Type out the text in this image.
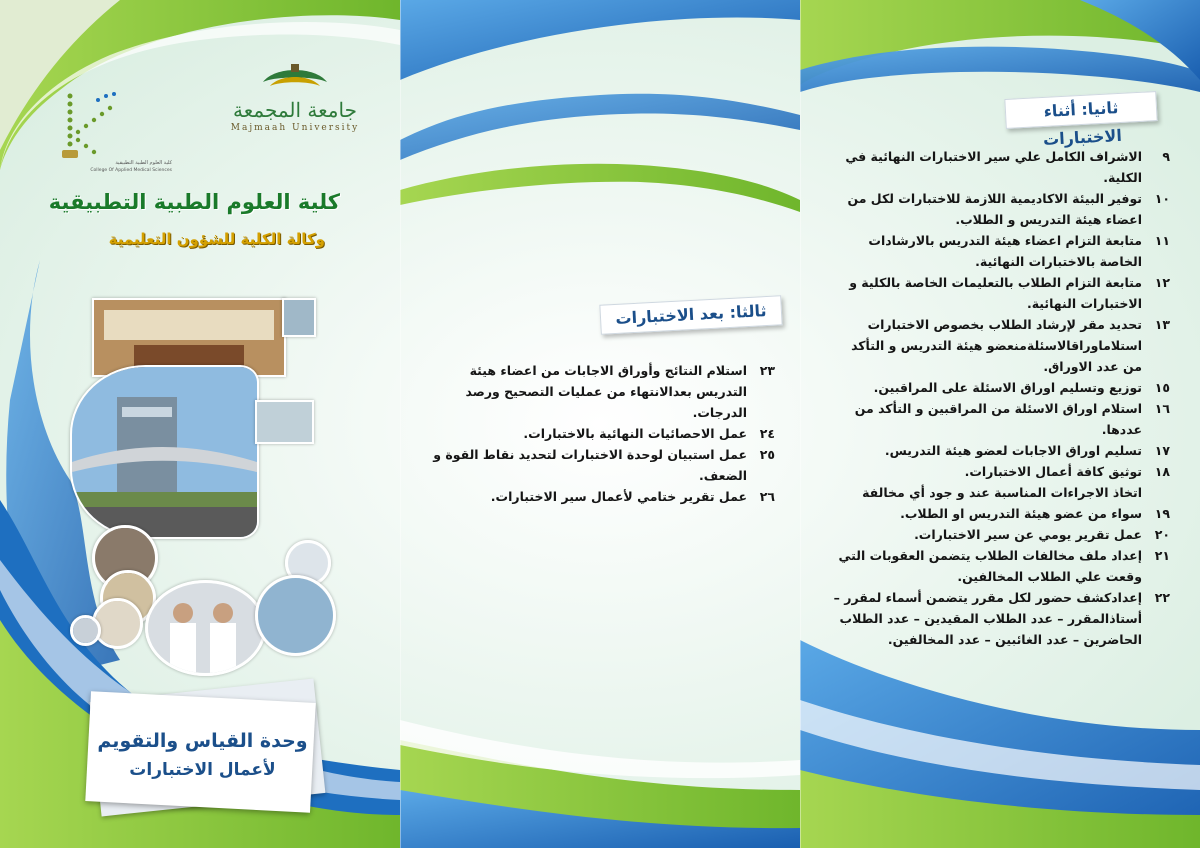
جامعة المجمعة
Majmaah University
كلية العلوم الطبية التطبيقية
College Of Applied Medical Sciences
كلية العلوم الطبية التطبيقية
وكالة الكلية للشؤون التعليمية
وحدة القياس والتقويم
لأعمال الاختبارات
ثالثا: بعد الاختبارات
٢٣
استلام النتائج وأوراق الاجابات من اعضاء هيئة التدريس بعدالانتهاء من عمليات التصحيح ورصد الدرجات.
٢٤
عمل الاحصائيات النهائية بالاختبارات.
٢٥
عمل استبيان لوحدة الاختبارات لتحديد نقاط القوة و الضعف.
٢٦
عمل تقرير ختامي لأعمال سير الاختبارات.
ثانيا: أثناء الاختبارات
٩
الاشراف الكامل علي سير الاختبارات النهائية في الكلية.
١٠
توفير البيئة الاكاديمية اللازمة للاختبارات لكل من اعضاء هيئة التدريس و الطلاب.
١١
متابعة التزام اعضاء هيئة التدريس بالارشادات الخاصة بالاختبارات النهائية.
١٢
متابعة التزام الطلاب بالتعليمات الخاصة بالكلية و الاختبارات النهائية.
١٣
تحديد مقر لإرشاد الطلاب بخصوص الاختبارات استلاماوراقالاسئلةمنعضو هيئة التدريس و التأكد من عدد الاوراق.
١٥
توزيع وتسليم اوراق الاسئلة على المراقبين.
١٦
استلام اوراق الاسئلة من المراقبين و التأكد من عددها.
١٧
تسليم اوراق الاجابات لعضو هيئة التدريس.
١٨
توثيق كافة أعمال الاختبارات.
اتخاذ الاجراءات المناسبة عند و جود أي مخالفة
١٩
سواء من عضو هيئة التدريس او الطلاب.
٢٠
عمل تقرير يومي عن سير الاختبارات.
٢١
إعداد ملف مخالفات الطلاب يتضمن العقوبات التي وقعت علي الطلاب المخالفين.
٢٢
إعدادكشف حضور لكل مقرر يتضمن أسماء لمقرر – أستاذالمقرر – عدد الطلاب المقيدين – عدد الطلاب الحاضرين – عدد الغائبين – عدد المخالفين.
